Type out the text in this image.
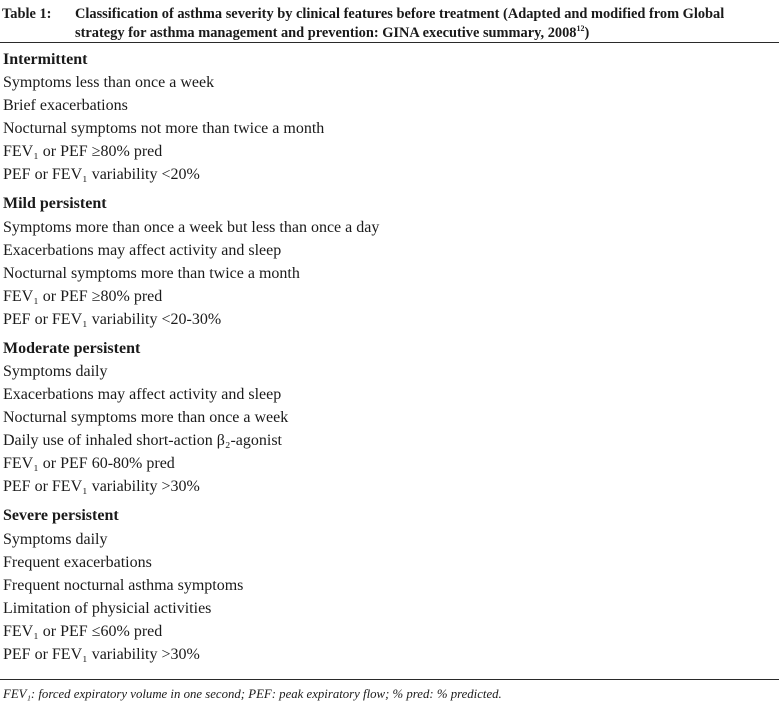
Table 1: Classification of asthma severity by clinical features before treatment (Adapted and modified from Global
strategy for asthma management and prevention: GINA executive summary, 2008$^{12}$)
Intermittent
Symptoms less than once a week
Brief exacerbations
Nocturnal symptoms not more than twice a month
FEV₁ or PEF ≥80% pred
PEF or FEV₁ variability <20%
Mild persistent
Symptoms more than once a week but less than once a day
Exacerbations may affect activity and sleep
Nocturnal symptoms more than twice a month
FEV₁ or PEF ≥80% pred
PEF or FEV₁ variability <20-30%
Moderate persistent
Symptoms daily
Exacerbations may affect activity and sleep
Nocturnal symptoms more than once a week
Daily use of inhaled short-action β₂-agonist
FEV₁ or PEF 60-80% pred
PEF or FEV₁ variability >30%
Severe persistent
Symptoms daily
Frequent exacerbations
Frequent nocturnal asthma symptoms
Limitation of physicial activities
FEV₁ or PEF ≤60% pred
PEF or FEV₁ variability >30%
FEV₁: forced expiratory volume in one second; PEF: peak expiratory flow; % pred: % predicted.
